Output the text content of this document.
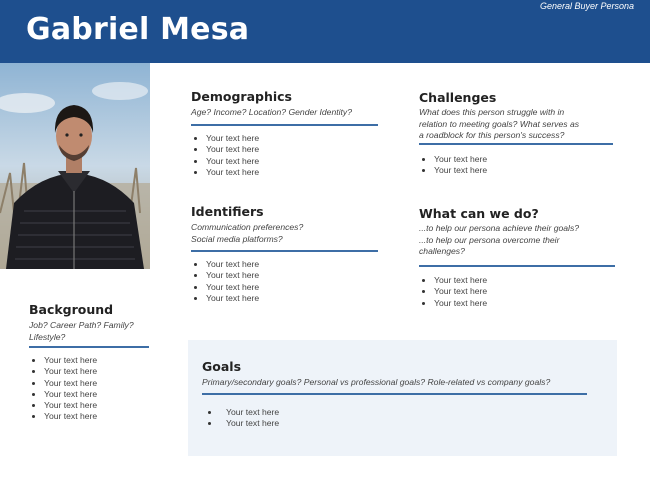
Gabriel Mesa
General Buyer Persona
Demographics
Age? Income? Location? Gender Identity?
Your text here
Your text here
Your text here
Your text here
Identifiers
Communication preferences?
Social media platforms?
Your text here
Your text here
Your text here
Your text here
Challenges
What does this person struggle with in
relation to meeting goals? What serves as
a roadblock for this person's success?
Your text here
Your text here
What can we do?
...to help our persona achieve their goals?
...to help our persona overcome their
challenges?
Your text here
Your text here
Your text here
Background
Job? Career Path? Family?
Lifestyle?
Your text here
Your text here
Your text here
Your text here
Your text here
Your text here
Goals
Primary/secondary goals? Personal vs professional goals? Role-related vs company goals?
Your text here
Your text here
